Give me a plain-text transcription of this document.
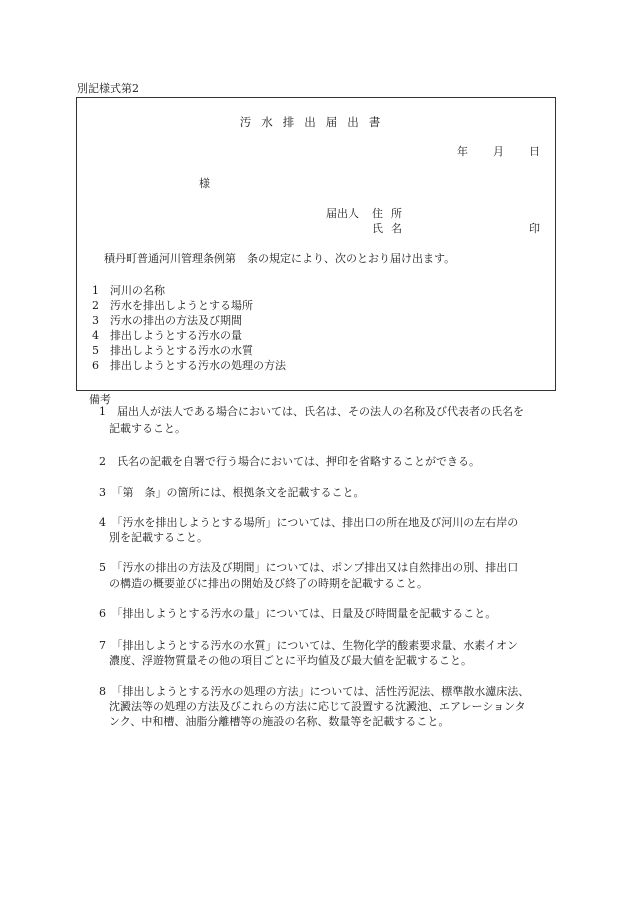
別記様式第2
汚水排出届出書
年 月 日
様
届出人 住所
氏名	印
積丹町普通河川管理条例第　条の規定により、次のとおり届け出ます。
1　河川の名称
2　汚水を排出しようとする場所
3　汚水の排出の方法及び期間
4　排出しようとする汚水の量
5　排出しようとする汚水の水質
6　排出しようとする汚水の処理の方法
備考
1　届出人が法人である場合においては、氏名は、その法人の名称及び代表者の氏名を
記載すること。
2　氏名の記載を自署で行う場合においては、押印を省略することができる。
3　「第　条」の箇所には、根拠条文を記載すること。
4　「汚水を排出しようとする場所」については、排出口の所在地及び河川の左右岸の
別を記載すること。
5　「汚水の排出の方法及び期間」については、ポンプ排出又は自然排出の別、排出口
の構造の概要並びに排出の開始及び終了の時期を記載すること。
6　「排出しようとする汚水の量」については、日量及び時間量を記載すること。
7　「排出しようとする汚水の水質」については、生物化学的酸素要求量、水素イオン
濃度、浮遊物質量その他の項目ごとに平均値及び最大値を記載すること。
8　「排出しようとする汚水の処理の方法」については、活性汚泥法、標準散水濾床法、
沈澱法等の処理の方法及びこれらの方法に応じて設置する沈澱池、エアレーションタ
ンク、中和槽、油脂分離槽等の施設の名称、数量等を記載すること。
